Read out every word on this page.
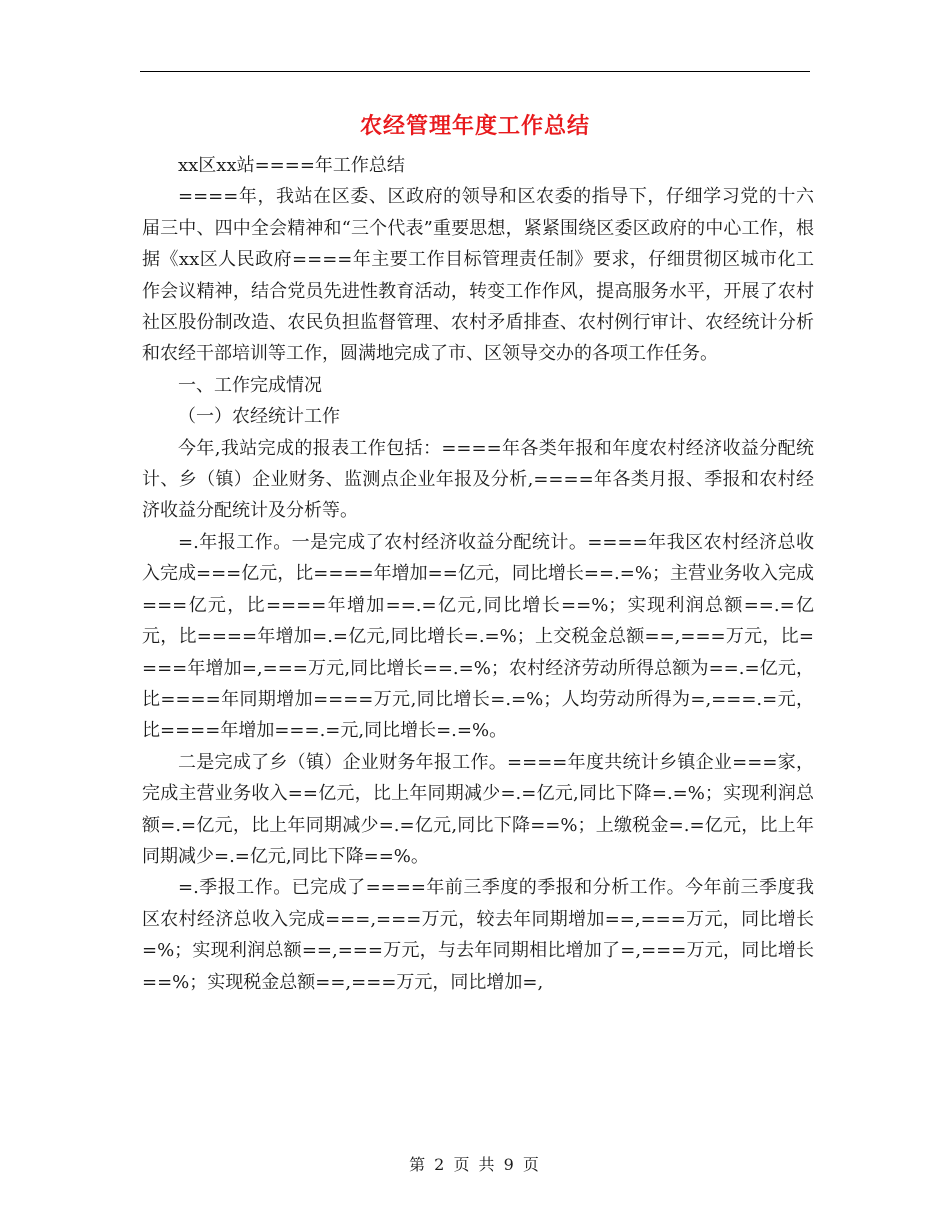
农经管理年度工作总结

xx区xx站====年工作总结

====年，我站在区委、区政府的领导和区农委的指导下，仔细学习党的十六届三中、四中全会精神和“三个代表”重要思想，紧紧围绕区委区政府的中心工作，根据《xx区人民政府====年主要工作目标管理责任制》要求，仔细贯彻区城市化工作会议精神，结合党员先进性教育活动，转变工作作风，提高服务水平，开展了农村社区股份制改造、农民负担监督管理、农村矛盾排查、农村例行审计、农经统计分析和农经干部培训等工作，圆满地完成了市、区领导交办的各项工作任务。

一、工作完成情况

（一）农经统计工作

今年,我站完成的报表工作包括：====年各类年报和年度农村经济收益分配统计、乡（镇）企业财务、监测点企业年报及分析,====年各类月报、季报和农村经济收益分配统计及分析等。

=.年报工作。一是完成了农村经济收益分配统计。====年我区农村经济总收入完成===亿元，比====年增加==亿元，同比增长==.=%；主营业务收入完成===亿元，比====年增加==.=亿元,同比增长==%；实现利润总额==.=亿元，比====年增加=.=亿元,同比增长=.=%；上交税金总额==,===万元，比====年增加=,===万元,同比增长==.=%；农村经济劳动所得总额为==.=亿元，比====年同期增加====万元,同比增长=.=%；人均劳动所得为=,===.=元，比====年增加===.=元,同比增长=.=%。

二是完成了乡（镇）企业财务年报工作。====年度共统计乡镇企业===家，完成主营业务收入==亿元，比上年同期减少=.=亿元,同比下降=.=%；实现利润总额=.=亿元，比上年同期减少=.=亿元,同比下降==%；上缴税金=.=亿元，比上年同期减少=.=亿元,同比下降==%。

=.季报工作。已完成了====年前三季度的季报和分析工作。今年前三季度我区农村经济总收入完成===,===万元，较去年同期增加==,===万元，同比增长=%；实现利润总额==,===万元，与去年同期相比增加了=,===万元，同比增长==%；实现税金总额==,===万元，同比增加=,

第 2 页 共 9 页
